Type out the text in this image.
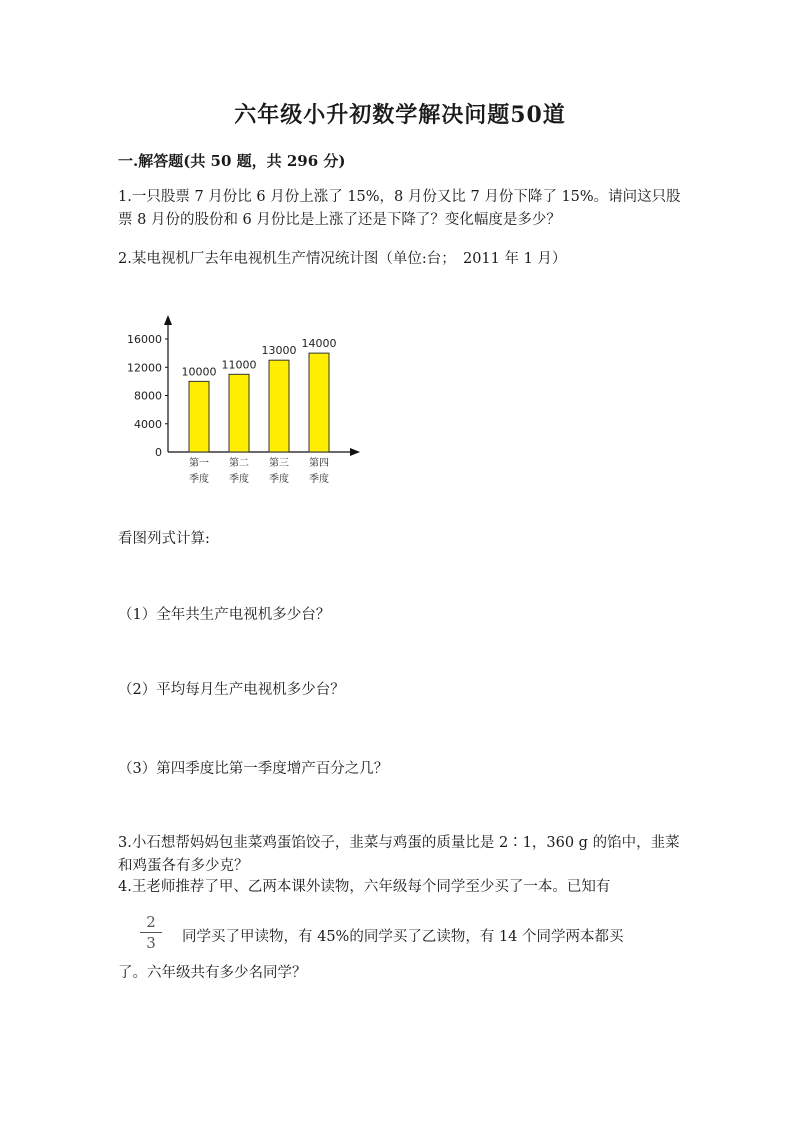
六年级小升初数学解决问题50道
一.解答题(共 50 题，共 296 分)
1.一只股票 7 月份比 6 月份上涨了 15%，8 月份又比 7 月份下降了 15%。请问这只股票 8 月份的股份和 6 月份比是上涨了还是下降了？变化幅度是多少？
2.某电视机厂去年电视机生产情况统计图（单位:台；　2011 年 1 月）
0
4000
8000
12000
16000
10000
第一
季度
11000
第二
季度
13000
第三
季度
14000
第四
季度
看图列式计算:
（1）全年共生产电视机多少台？
（2）平均每月生产电视机多少台？
（3）第四季度比第一季度增产百分之几？
3.小石想帮妈妈包韭菜鸡蛋馅饺子，韭菜与鸡蛋的质量比是 2∶1，360 g 的馅中，韭菜和鸡蛋各有多少克？
4.王老师推荐了甲、乙两本课外读物，六年级每个同学至少买了一本。已知有
2
3	同学买了甲读物，有 45%的同学买了乙读物，有 14 个同学两本都买
了。六年级共有多少名同学？
